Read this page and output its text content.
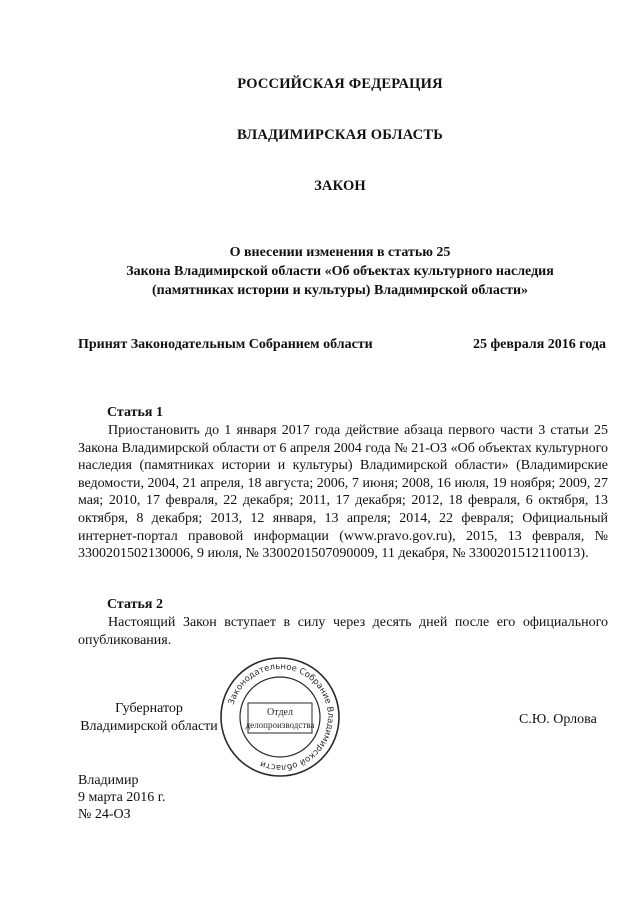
РОССИЙСКАЯ ФЕДЕРАЦИЯ
ВЛАДИМИРСКАЯ ОБЛАСТЬ
ЗАКОН
О внесении изменения в статью 25
Закона Владимирской области «Об объектах культурного наследия
(памятниках истории и культуры) Владимирской области»
Принят Законодательным Собранием области	25 февраля 2016 года
Статья 1
Приостановить до 1 января 2017 года действие абзаца первого части 3 статьи 25 Закона Владимирской области от 6 апреля 2004 года № 21-ОЗ «Об объектах культурного наследия (памятниках истории и культуры) Владимирской области» (Владимирские ведомости, 2004, 21 апреля, 18 августа; 2006, 7 июня; 2008, 16 июля, 19 ноября; 2009, 27 мая; 2010, 17 февраля, 22 декабря; 2011, 17 декабря; 2012, 18 февраля, 6 октября, 13 октября, 8 декабря; 2013, 12 января, 13 апреля; 2014, 22 февраля; Официальный интернет-портал правовой информации (www.pravo.gov.ru), 2015, 13 февраля, № 3300201502130006, 9 июля, № 3300201507090009, 11 декабря, № 3300201512110013).
Статья 2
Настоящий Закон вступает в силу через десять дней после его официального опубликования.
Губернатор
Владимирской области
Законодательное Собрание Владимирской области
Отдел
делопроизводства	С.Ю. Орлова
Владимир
9 марта 2016 г.
№ 24-ОЗ
